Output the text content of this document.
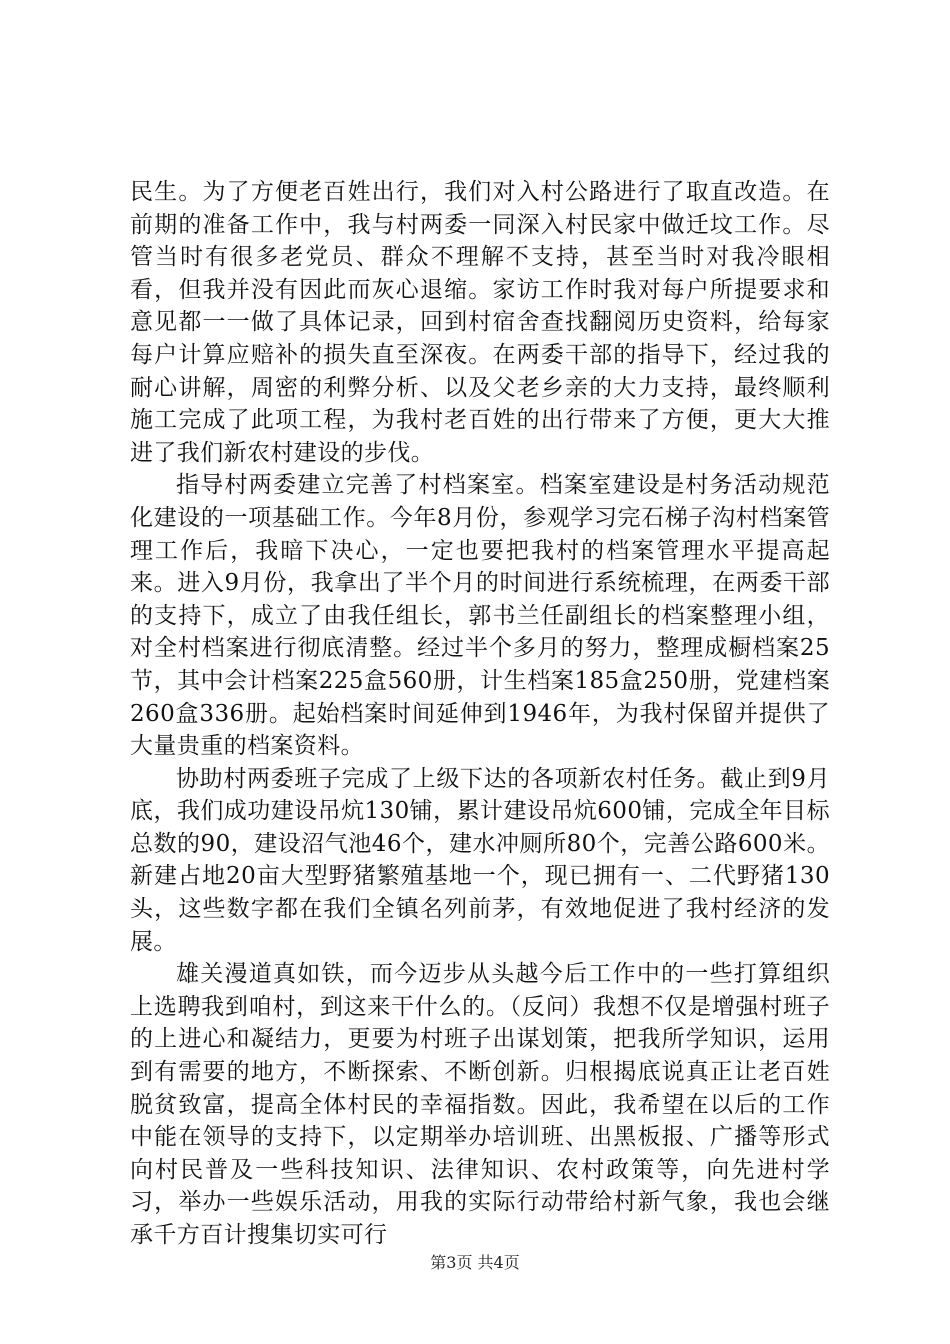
民生。为了方便老百姓出行，我们对入村公路进行了取直改造。在前期的准备工作中，我与村两委一同深入村民家中做迁坟工作。尽管当时有很多老党员、群众不理解不支持，甚至当时对我冷眼相看，但我并没有因此而灰心退缩。家访工作时我对每户所提要求和意见都一一做了具体记录，回到村宿舍查找翻阅历史资料，给每家每户计算应赔补的损失直至深夜。在两委干部的指导下，经过我的耐心讲解，周密的利弊分析、以及父老乡亲的大力支持，最终顺利施工完成了此项工程，为我村老百姓的出行带来了方便，更大大推进了我们新农村建设的步伐。

指导村两委建立完善了村档案室。档案室建设是村务活动规范化建设的一项基础工作。今年8月份，参观学习完石梯子沟村档案管理工作后，我暗下决心，一定也要把我村的档案管理水平提高起来。进入9月份，我拿出了半个月的时间进行系统梳理，在两委干部的支持下，成立了由我任组长，郭书兰任副组长的档案整理小组，对全村档案进行彻底清整。经过半个多月的努力，整理成橱档案25节，其中会计档案225盒560册，计生档案185盒250册，党建档案260盒336册。起始档案时间延伸到1946年，为我村保留并提供了大量贵重的档案资料。

协助村两委班子完成了上级下达的各项新农村任务。截止到9月底，我们成功建设吊炕130铺，累计建设吊炕600铺，完成全年目标总数的90，建设沼气池46个，建水冲厕所80个，完善公路600米。新建占地20亩大型野猪繁殖基地一个，现已拥有一、二代野猪130头，这些数字都在我们全镇名列前茅，有效地促进了我村经济的发展。

雄关漫道真如铁，而今迈步从头越今后工作中的一些打算组织上选聘我到咱村，到这来干什么的。（反问）我想不仅是增强村班子的上进心和凝结力，更要为村班子出谋划策，把我所学知识，运用到有需要的地方，不断探索、不断创新。归根揭底说真正让老百姓脱贫致富，提高全体村民的幸福指数。因此，我希望在以后的工作中能在领导的支持下，以定期举办培训班、出黑板报、广播等形式向村民普及一些科技知识、法律知识、农村政策等，向先进村学习，举办一些娱乐活动，用我的实际行动带给村新气象，我也会继承千方百计搜集切实可行

第3页 共4页
